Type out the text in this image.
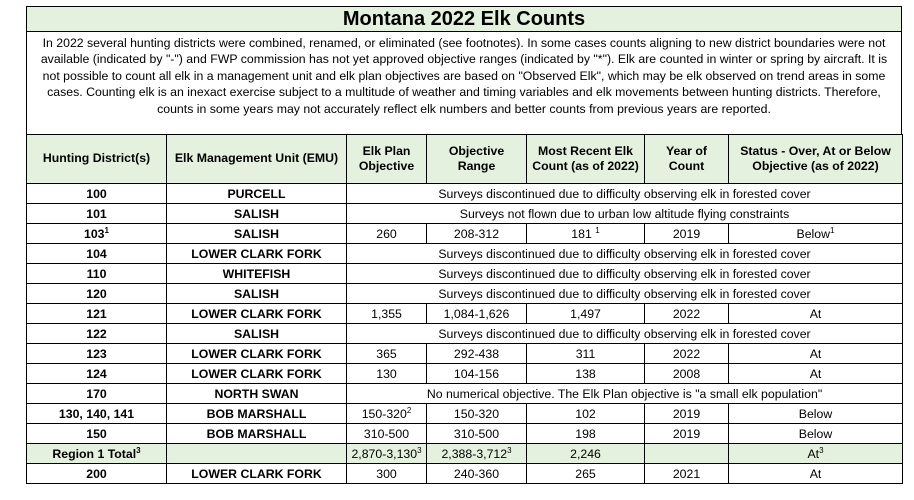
Montana 2022 Elk Counts
In 2022 several hunting districts were combined, renamed, or eliminated (see footnotes). In some cases counts aligning to new district boundaries were not available (indicated by "-") and FWP commission has not yet approved objective ranges (indicated by "*"). Elk are counted in winter or spring by aircraft. It is not possible to count all elk in a management unit and elk plan objectives are based on "Observed Elk", which may be elk observed on trend areas in some cases. Counting elk is an inexact exercise subject to a multitude of weather and timing variables and elk movements between hunting districts. Therefore, counts in some years may not accurately reflect elk numbers and better counts from previous years are reported.
Hunting District(s)	Elk Management Unit (EMU)	Elk Plan Objective	Objective Range	Most Recent Elk Count (as of 2022)	Year of Count	Status - Over, At or Below Objective (as of 2022)
100	PURCELL	Surveys discontinued due to difficulty observing elk in forested cover				
101	SALISH	Surveys not flown due to urban low altitude flying constraints				
$103^1$	SALISH	260	208-312	181 $^1$	2019	Below$^1$
104	LOWER CLARK FORK	Surveys discontinued due to difficulty observing elk in forested cover				
110	WHITEFISH	Surveys discontinued due to difficulty observing elk in forested cover				
120	SALISH	Surveys discontinued due to difficulty observing elk in forested cover				
121	LOWER CLARK FORK	1,355	1,084-1,626	1,497	2022	At
122	SALISH	Surveys discontinued due to difficulty observing elk in forested cover				
123	LOWER CLARK FORK	365	292-438	311	2022	At
124	LOWER CLARK FORK	130	104-156	138	2008	At
170	NORTH SWAN	No numerical objective. The Elk Plan objective is "a small elk population"				
130, 140, 141	BOB MARSHALL	$150-320^2$	150-320	102	2019	Below
150	BOB MARSHALL	310-500	310-500	198	2019	Below
Region 1 Total$^3$		2,870-3,130$^3$	2,388-3,712$^3$	2,246		At$^3$
200	LOWER CLARK FORK	300	240-360	265	2021	At
